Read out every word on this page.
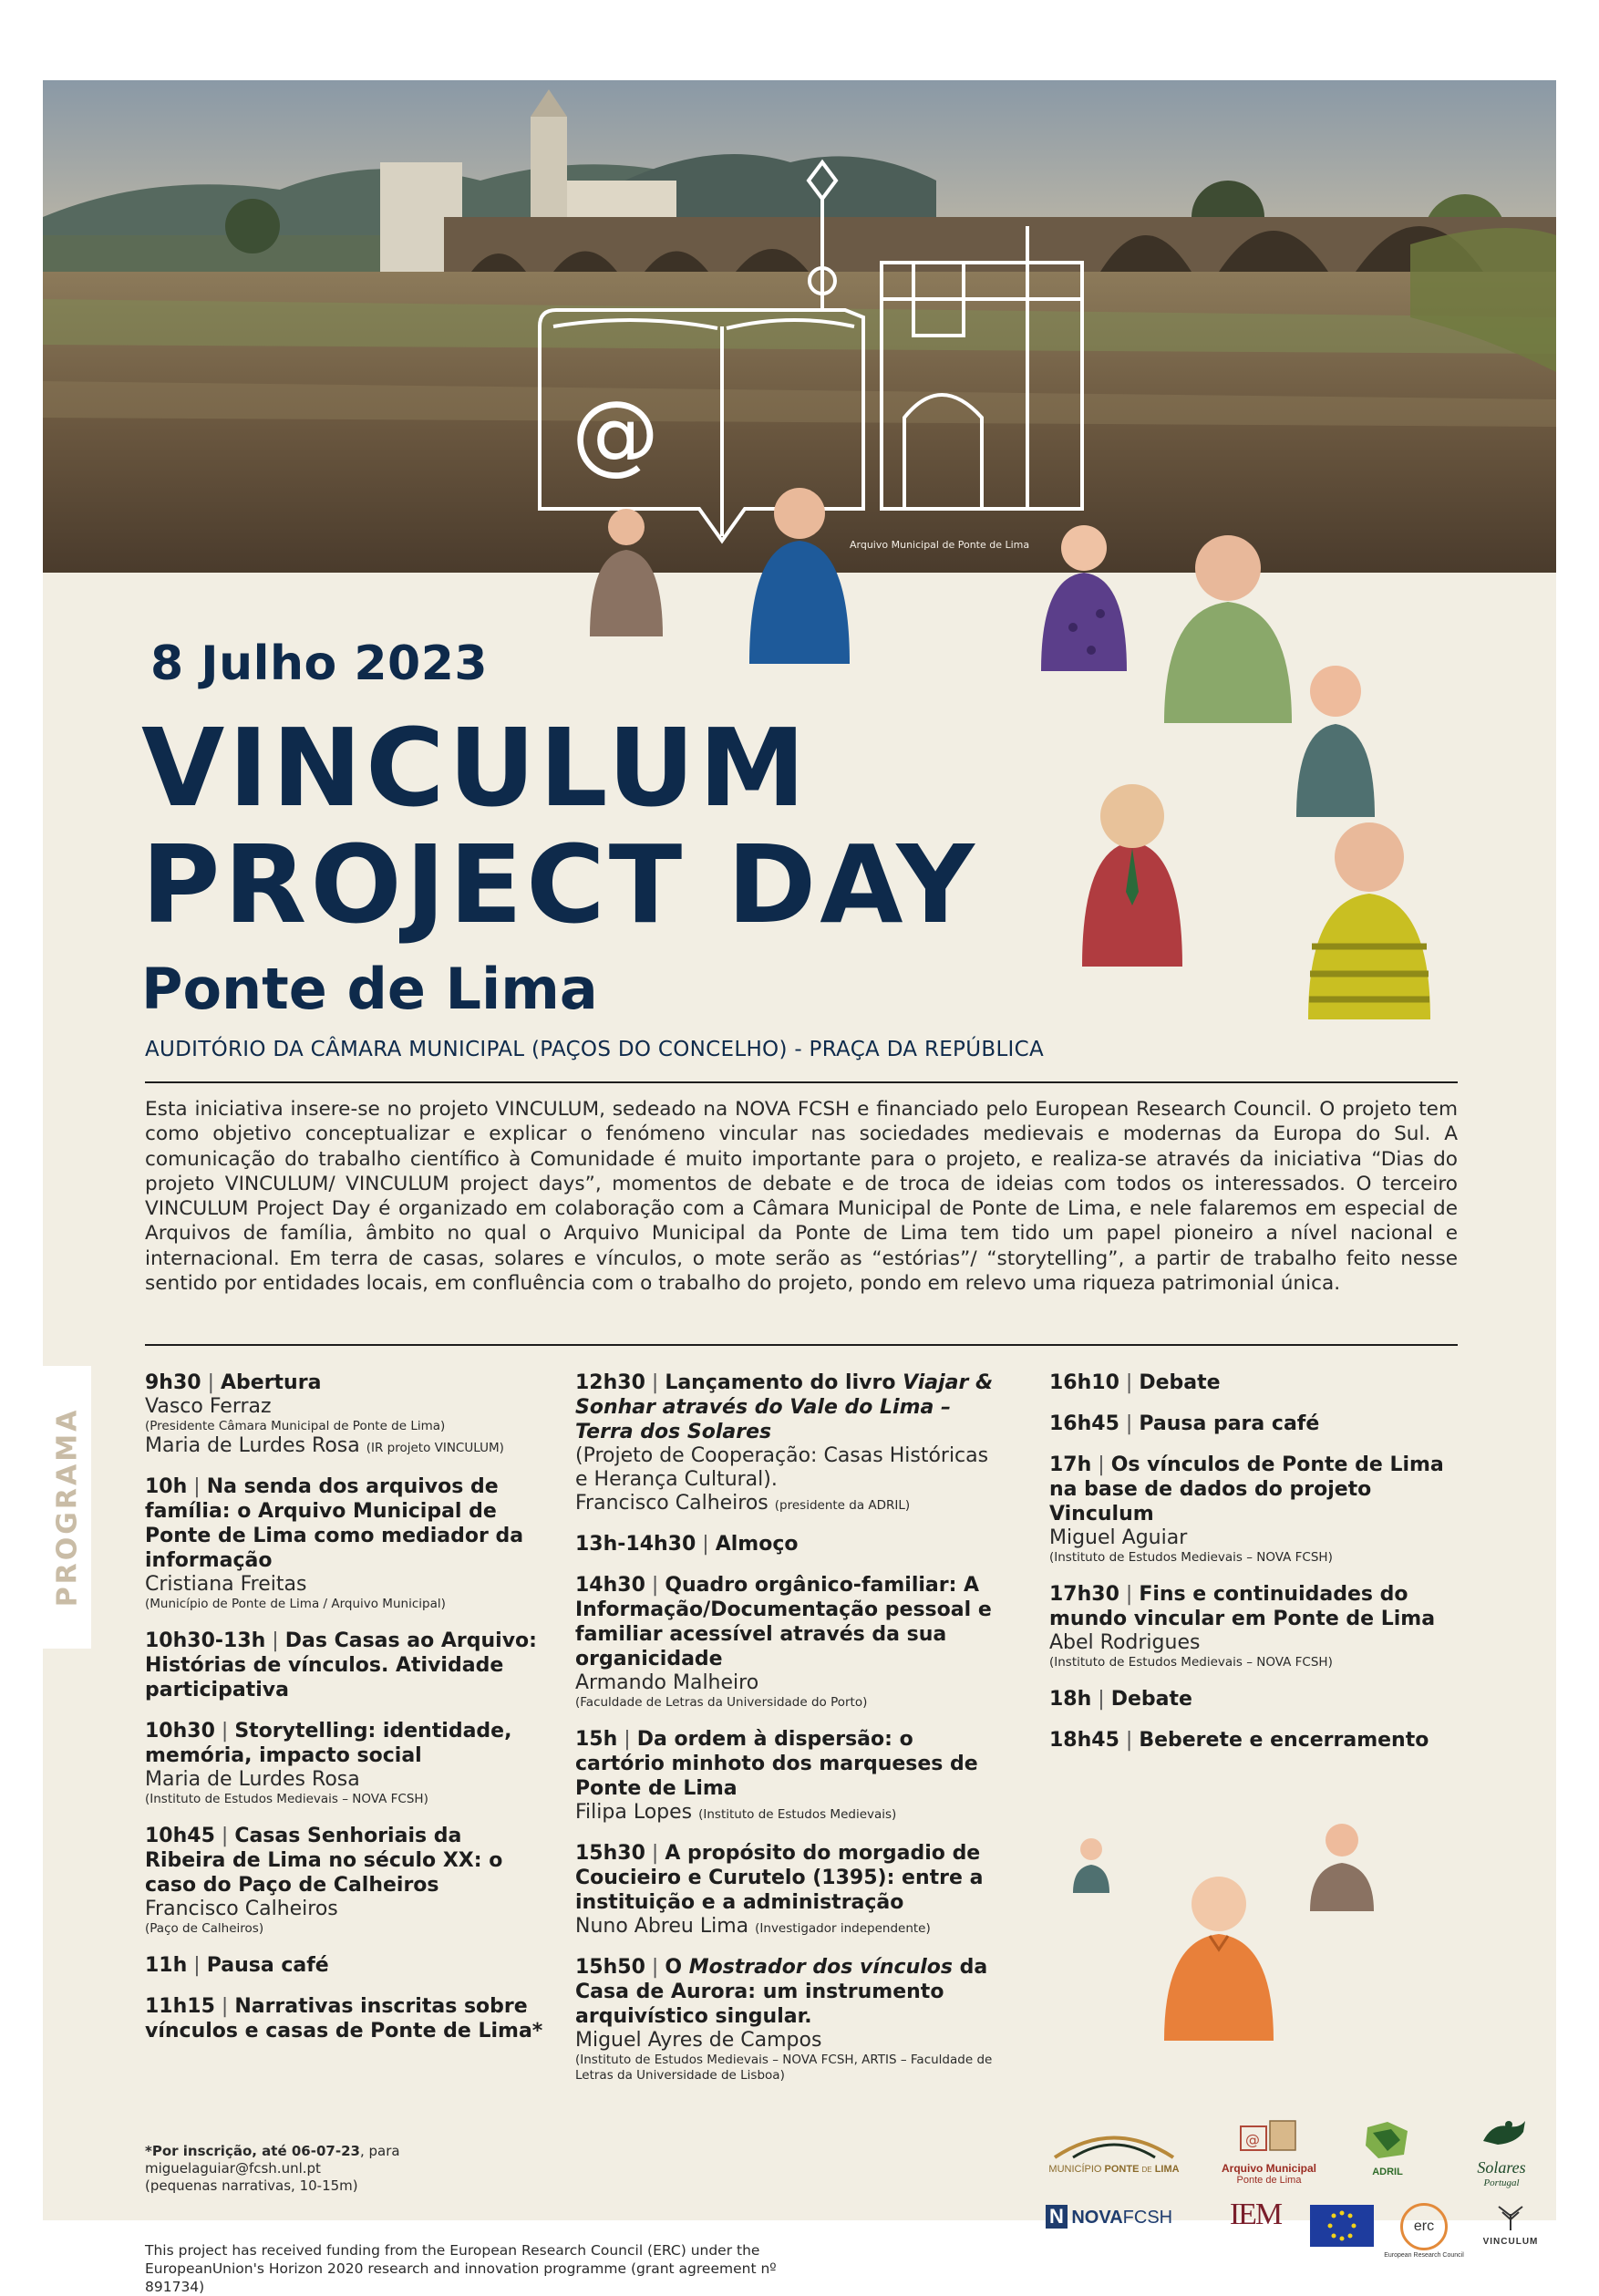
@
Arquivo Municipal de Ponte de Lima
8 Julho 2023
VINCULUM
PROJECT DAY
Ponte de Lima
AUDITÓRIO DA CÂMARA MUNICIPAL (PAÇOS DO CONCELHO) - PRAÇA DA REPÚBLICA

Esta iniciativa insere-se no projeto VINCULUM, sedeado na NOVA FCSH e financiado pelo European Research Council. O projeto tem como objetivo conceptualizar e explicar o fenómeno vincular nas sociedades medievais e modernas da Europa do Sul. A comunicação do trabalho científico à Comunidade é muito importante para o projeto, e realiza-se através da iniciativa “Dias do projeto VINCULUM/ VINCULUM project days”, momentos de debate e de troca de ideias com todos os interessados. O terceiro VINCULUM Project Day é organizado em colaboração com a Câmara Municipal de Ponte de Lima, e nele falaremos em especial de Arquivos de família, âmbito no qual o Arquivo Municipal da Ponte de Lima tem tido um papel pioneiro a nível nacional e internacional. Em terra de casas, solares e vínculos, o mote serão as “estórias”/ “storytelling”, a partir de trabalho feito nesse sentido por entidades locais, em confluência com o trabalho do projeto, pondo em relevo uma riqueza patrimonial única.

PROGRAMA
9h30 | Abertura
Vasco Ferraz
(Presidente Câmara Municipal de Ponte de Lima)
Maria de Lurdes Rosa (IR projeto VINCULUM)
10h | Na senda dos arquivos de família: o Arquivo Municipal de Ponte de Lima como mediador da informação
Cristiana Freitas
(Município de Ponte de Lima / Arquivo Municipal)
10h30-13h | Das Casas ao Arquivo: Histórias de vínculos. Atividade participativa
10h30 | Storytelling: identidade, memória, impacto social
Maria de Lurdes Rosa
(Instituto de Estudos Medievais – NOVA FCSH)
10h45 | Casas Senhoriais da Ribeira de Lima no século XX: o caso do Paço de Calheiros
Francisco Calheiros
(Paço de Calheiros)
11h | Pausa café
11h15 | Narrativas inscritas sobre vínculos e casas de Ponte de Lima*
12h30 | Lançamento do livro Viajar & Sonhar através do Vale do Lima – Terra dos Solares
(Projeto de Cooperação: Casas Históricas e Herança Cultural).
Francisco Calheiros (presidente da ADRIL)
13h-14h30 | Almoço
14h30 | Quadro orgânico-familiar: A Informação/Documentação pessoal e familiar acessível através da sua organicidade
Armando Malheiro
(Faculdade de Letras da Universidade do Porto)
15h | Da ordem à dispersão: o cartório minhoto dos marqueses de Ponte de Lima
Filipa Lopes (Instituto de Estudos Medievais)
15h30 | A propósito do morgadio de Coucieiro e Curutelo (1395): entre a instituição e a administração
Nuno Abreu Lima (Investigador independente)
15h50 | O Mostrador dos vínculos da Casa de Aurora: um instrumento arquivístico singular.
Miguel Ayres de Campos
(Instituto de Estudos Medievais – NOVA FCSH, ARTIS – Faculdade de Letras da Universidade de Lisboa)
16h10 | Debate
16h45 | Pausa para café
17h | Os vínculos de Ponte de Lima na base de dados do projeto Vinculum
Miguel Aguiar
(Instituto de Estudos Medievais – NOVA FCSH)
17h30 | Fins e continuidades do mundo vincular em Ponte de Lima
Abel Rodrigues
(Instituto de Estudos Medievais – NOVA FCSH)
18h | Debate
18h45 | Beberete e encerramento
*Por inscrição, até 06-07-23, para
miguelaguiar@fcsh.unl.pt
(pequenas narrativas, 10-15m)
This project has received funding from the European Research Council (ERC) under the EuropeanUnion's Horizon 2020 research and innovation programme (grant agreement nº 891734)
MUNICÍPIO PONTE DE LIMA
@
Arquivo Municipal
Ponte de Lima
ADRIL	Solares
Portugal
N NOVAFCSH	IEM	erc
European Research Council
VINCULUM
